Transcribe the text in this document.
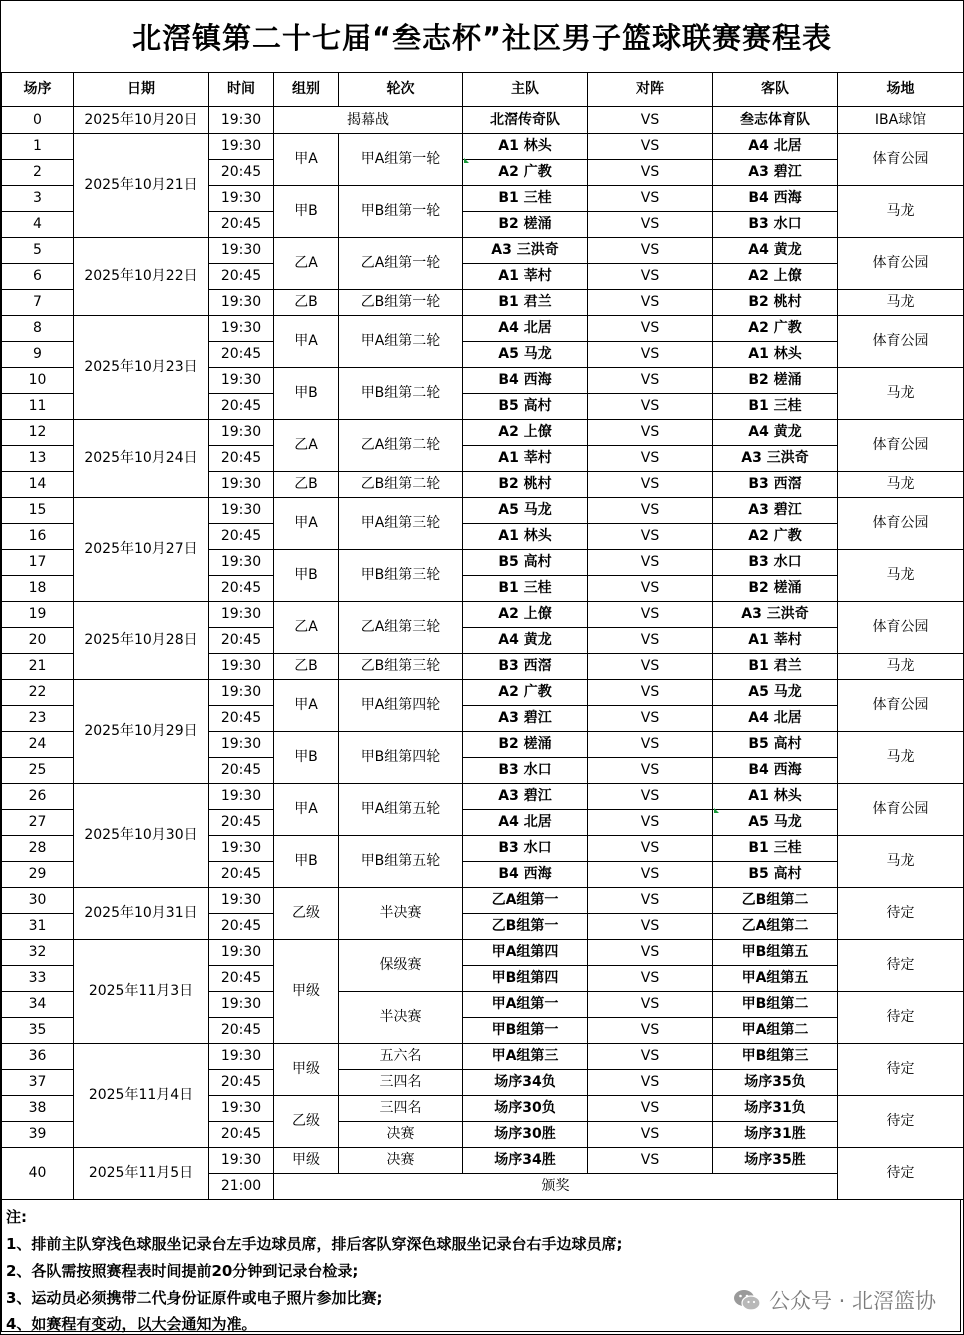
北滘镇第二十七届“叁志杯”社区男子篮球联赛赛程表
场序	日期	时间	组别	轮次	主队	对阵	客队	场地
0	2025年10月20日	19:30	揭幕战		北滘传奇队	VS	叁志体育队	IBA球馆
1	2025年10月21日	19:30	甲A	甲A组第一轮	A1 林头	VS	A4 北居	体育公园
2		20:45			A2 广教	VS	A3 碧江	
3		19:30	甲B	甲B组第一轮	B1 三桂	VS	B4 西海	马龙
4		20:45			B2 槎涌	VS	B3 水口	
5	2025年10月22日	19:30	乙A	乙A组第一轮	A3 三洪奇	VS	A4 黄龙	体育公园
6		20:45			A1 莘村	VS	A2 上僚	
7		19:30	乙B	乙B组第一轮	B1 君兰	VS	B2 桃村	马龙
8	2025年10月23日	19:30	甲A	甲A组第二轮	A4 北居	VS	A2 广教	体育公园
9		20:45			A5 马龙	VS	A1 林头	
10		19:30	甲B	甲B组第二轮	B4 西海	VS	B2 槎涌	马龙
11		20:45			B5 高村	VS	B1 三桂	
12	2025年10月24日	19:30	乙A	乙A组第二轮	A2 上僚	VS	A4 黄龙	体育公园
13		20:45			A1 莘村	VS	A3 三洪奇	
14		19:30	乙B	乙B组第二轮	B2 桃村	VS	B3 西滘	马龙
15	2025年10月27日	19:30	甲A	甲A组第三轮	A5 马龙	VS	A3 碧江	体育公园
16		20:45			A1 林头	VS	A2 广教	
17		19:30	甲B	甲B组第三轮	B5 高村	VS	B3 水口	马龙
18		20:45			B1 三桂	VS	B2 槎涌	
19	2025年10月28日	19:30	乙A	乙A组第三轮	A2 上僚	VS	A3 三洪奇	体育公园
20		20:45			A4 黄龙	VS	A1 莘村	
21		19:30	乙B	乙B组第三轮	B3 西滘	VS	B1 君兰	马龙
22	2025年10月29日	19:30	甲A	甲A组第四轮	A2 广教	VS	A5 马龙	体育公园
23		20:45			A3 碧江	VS	A4 北居	
24		19:30	甲B	甲B组第四轮	B2 槎涌	VS	B5 高村	马龙
25		20:45			B3 水口	VS	B4 西海	
26	2025年10月30日	19:30	甲A	甲A组第五轮	A3 碧江	VS	A1 林头	体育公园
27		20:45			A4 北居	VS	A5 马龙	
28		19:30	甲B	甲B组第五轮	B3 水口	VS	B1 三桂	马龙
29		20:45			B4 西海	VS	B5 高村	
30	2025年10月31日	19:30	乙级	半决赛	乙A组第一	VS	乙B组第二	待定
31		20:45			乙B组第一	VS	乙A组第二	
32	2025年11月3日	19:30	甲级	保级赛	甲A组第四	VS	甲B组第五	待定
33		20:45			甲B组第四	VS	甲A组第五	
34		19:30		半决赛	甲A组第一	VS	甲B组第二	待定
35		20:45			甲B组第一	VS	甲A组第二	
36	2025年11月4日	19:30	甲级	五六名	甲A组第三	VS	甲B组第三	待定
37		20:45		三四名	场序34负	VS	场序35负	
38		19:30	乙级	三四名	场序30负	VS	场序31负	待定
39		20:45		决赛	场序30胜	VS	场序31胜	
40	2025年11月5日	19:30	甲级	决赛	场序34胜	VS	场序35胜	待定
		21:00	颁奖					
注:
1、排前主队穿浅色球服坐记录台左手边球员席，排后客队穿深色球服坐记录台右手边球员席;
2、各队需按照赛程表时间提前20分钟到记录台检录;
3、运动员必须携带二代身份证原件或电子照片参加比赛;
4、如赛程有变动，以大会通知为准。
公众号 · 北滘篮协
